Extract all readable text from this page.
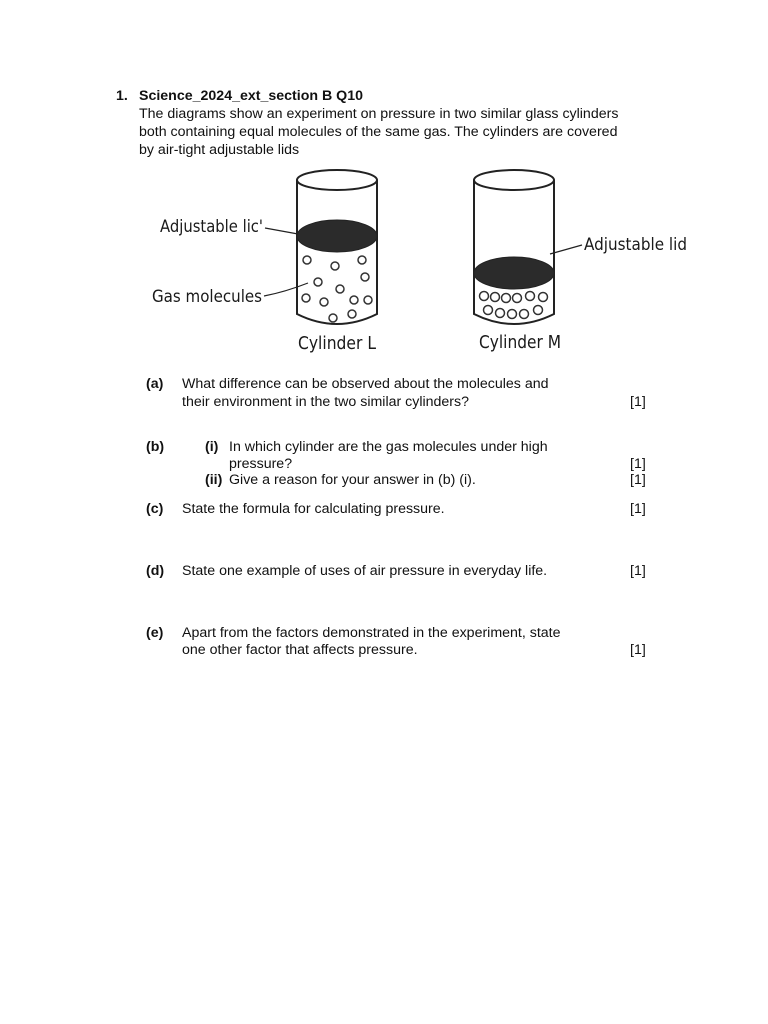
1. Science_2024_ext_section B Q10
The diagrams show an experiment on pressure in two similar glass cylinders
both containing equal molecules of the same gas. The cylinders are covered
by air-tight adjustable lids
Adjustable lic'
Gas molecules
Cylinder L
Adjustable lid
Cylinder M
(a) What difference can be observed about the molecules and
their environment in the two similar cylinders?	[1]
(b)	(i) In which cylinder are the gas molecules under high
pressure?	[1]
(ii) Give a reason for your answer in (b) (i).	[1]
(c) State the formula for calculating pressure.	[1]
(d) State one example of uses of air pressure in everyday life.	[1]
(e) Apart from the factors demonstrated in the experiment, state
one other factor that affects pressure.	[1]
